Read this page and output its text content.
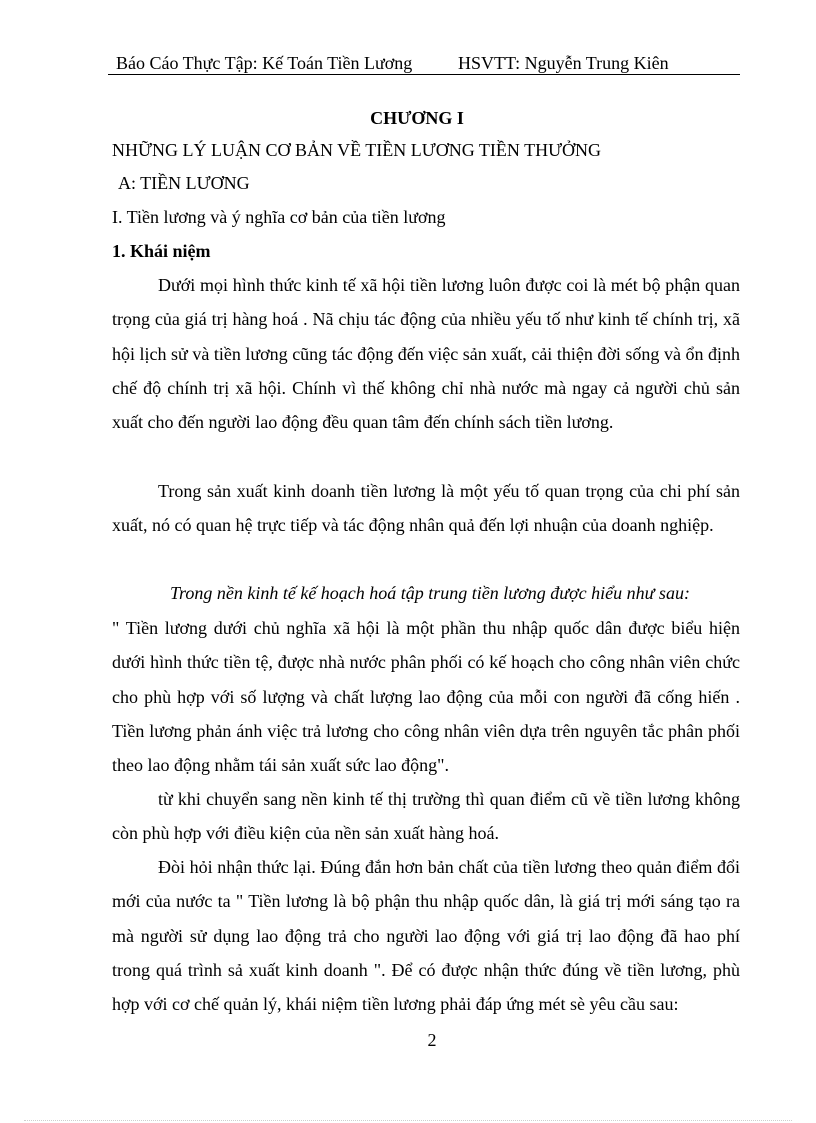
Báo Cáo Thực Tập: Kế Toán Tiền Lương	HSVTT: Nguyễn Trung Kiên
CHƯƠNG I
NHỮNG LÝ LUẬN CƠ BẢN VỀ TIỀN LƯƠNG TIỀN THƯỞNG
A: TIỀN LƯƠNG
I. Tiền lương và ý nghĩa cơ bản của tiền lương
1. Khái niệm
Dưới mọi hình thức kinh tế xã hội tiền lương luôn được coi là mét bộ phận quan trọng của giá trị hàng hoá . Nã chịu tác động của nhiều yếu tố như kinh tế chính trị, xã hội lịch sử và tiền lương cũng tác động đến việc sản xuất, cải thiện đời sống và ổn định chế độ chính trị xã hội. Chính vì thế không chỉ nhà nước mà ngay cả người chủ sản xuất cho đến người lao động đều quan tâm đến chính sách tiền lương.
Trong sản xuất kinh doanh tiền lương là một yếu tố quan trọng của chi phí sản xuất, nó có quan hệ trực tiếp và tác động nhân quả đến lợi nhuận của doanh nghiệp.
Trong nền kinh tế kế hoạch hoá tập trung tiền lương được hiểu như sau:
" Tiền lương dưới chủ nghĩa xã hội là một phần thu nhập quốc dân được biểu hiện dưới hình thức tiền tệ, được nhà nước phân phối có kế hoạch cho công nhân viên chức cho phù hợp với số lượng và chất lượng lao động của mỗi con người đã cống hiến . Tiền lương phản ánh việc trả lương cho công nhân viên dựa trên nguyên tắc phân phối theo lao động nhằm tái sản xuất sức lao động".
từ khi chuyển sang nền kinh tế thị trường thì quan điểm cũ về tiền lương không còn phù hợp với điều kiện của nền sản xuất hàng hoá.
Đòi hỏi nhận thức lại. Đúng đắn hơn bản chất của tiền lương theo quản điểm đổi mới của nước ta " Tiền lương là bộ phận thu nhập quốc dân, là giá trị mới sáng tạo ra mà người sử dụng lao động trả cho người lao động với giá trị lao động đã hao phí trong quá trình sả xuất kinh doanh ". Để có được nhận thức đúng về tiền lương, phù hợp với cơ chế quản lý, khái niệm tiền lương phải đáp ứng mét sè yêu cầu sau:
2
